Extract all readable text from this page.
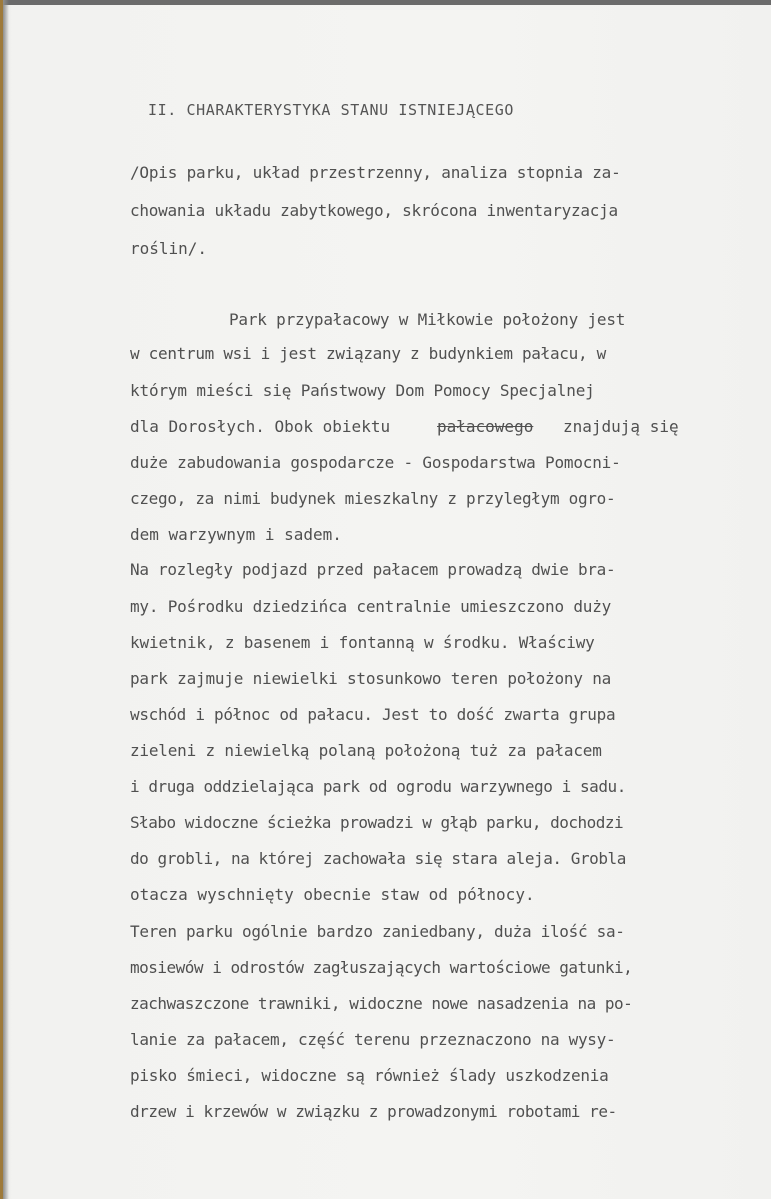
II. CHARAKTERYSTYKA STANU ISTNIEJĄCEGO
/Opis parku, układ przestrzenny, analiza stopnia za-
chowania układu zabytkowego, skrócona inwentaryzacja
roślin/.
Park przypałacowy w Miłkowie położony jest
w centrum wsi i jest związany z budynkiem pałacu, w
którym mieści się Państwowy Dom Pomocy Specjalnej
dla Dorosłych. Obok obiektu	pałacowego znajdują się
duże zabudowania gospodarcze - Gospodarstwa Pomocni-
czego, za nimi budynek mieszkalny z przyległym ogro-
dem warzywnym i sadem.
Na rozległy podjazd przed pałacem prowadzą dwie bra-
my. Pośrodku dziedzińca centralnie umieszczono duży
kwietnik, z basenem i fontanną w środku. Właściwy
park zajmuje niewielki stosunkowo teren położony na
wschód i północ od pałacu. Jest to dość zwarta grupa
zieleni z niewielką polaną położoną tuż za pałacem
i druga oddzielająca park od ogrodu warzywnego i sadu.
Słabo widoczne ścieżka prowadzi w głąb parku, dochodzi
do grobli, na której zachowała się stara aleja. Grobla
otacza wyschnięty obecnie staw od północy.
Teren parku ogólnie bardzo zaniedbany, duża ilość sa-
mosiewów i odrostów zagłuszających wartościowe gatunki,
zachwaszczone trawniki, widoczne nowe nasadzenia na po-
lanie za pałacem, część terenu przeznaczono na wysy-
pisko śmieci, widoczne są również ślady uszkodzenia
drzew i krzewów w związku z prowadzonymi robotami re-
